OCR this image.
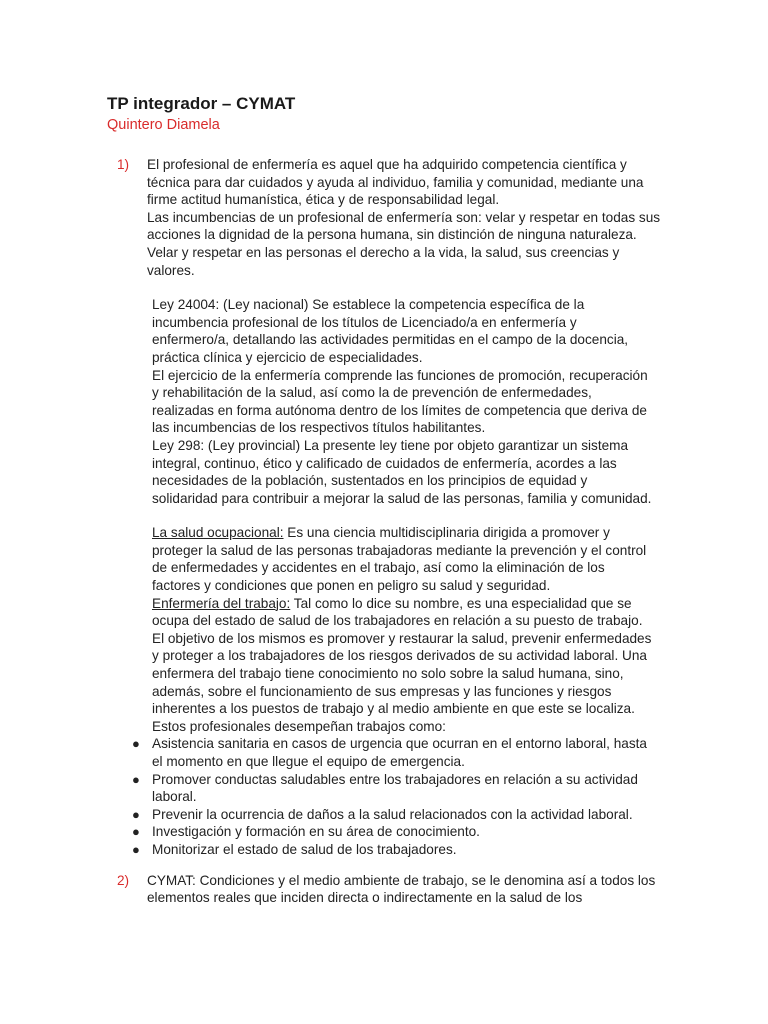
TP integrador – CYMAT

Quintero Diamela

1)	El profesional de enfermería es aquel que ha adquirido competencia científica y
técnica para dar cuidados y ayuda al individuo, familia y comunidad, mediante una
firme actitud humanística, ética y de responsabilidad legal.
Las incumbencias de un profesional de enfermería son: velar y respetar en todas sus
acciones la dignidad de la persona humana, sin distinción de ninguna naturaleza.
Velar y respetar en las personas el derecho a la vida, la salud, sus creencias y
valores.
Ley 24004: (Ley nacional) Se establece la competencia específica de la
incumbencia profesional de los títulos de Licenciado/a en enfermería y
enfermero/a, detallando las actividades permitidas en el campo de la docencia,
práctica clínica y ejercicio de especialidades.
El ejercicio de la enfermería comprende las funciones de promoción, recuperación
y rehabilitación de la salud, así como la de prevención de enfermedades,
realizadas en forma autónoma dentro de los límites de competencia que deriva de
las incumbencias de los respectivos títulos habilitantes.
Ley 298: (Ley provincial) La presente ley tiene por objeto garantizar un sistema
integral, continuo, ético y calificado de cuidados de enfermería, acordes a las
necesidades de la población, sustentados en los principios de equidad y
solidaridad para contribuir a mejorar la salud de las personas, familia y comunidad.
La salud ocupacional: Es una ciencia multidisciplinaria dirigida a promover y
proteger la salud de las personas trabajadoras mediante la prevención y el control
de enfermedades y accidentes en el trabajo, así como la eliminación de los
factores y condiciones que ponen en peligro su salud y seguridad.
Enfermería del trabajo: Tal como lo dice su nombre, es una especialidad que se
ocupa del estado de salud de los trabajadores en relación a su puesto de trabajo.
El objetivo de los mismos es promover y restaurar la salud, prevenir enfermedades
y proteger a los trabajadores de los riesgos derivados de su actividad laboral. Una
enfermera del trabajo tiene conocimiento no solo sobre la salud humana, sino,
además, sobre el funcionamiento de sus empresas y las funciones y riesgos
inherentes a los puestos de trabajo y al medio ambiente en que este se localiza.
Estos profesionales desempeñan trabajos como:
● Asistencia sanitaria en casos de urgencia que ocurran en el entorno laboral, hasta
el momento en que llegue el equipo de emergencia.
● Promover conductas saludables entre los trabajadores en relación a su actividad
laboral.
● Prevenir la ocurrencia de daños a la salud relacionados con la actividad laboral.
● Investigación y formación en su área de conocimiento.
● Monitorizar el estado de salud de los trabajadores.
2)	CYMAT: Condiciones y el medio ambiente de trabajo, se le denomina así a todos los
elementos reales que inciden directa o indirectamente en la salud de los
